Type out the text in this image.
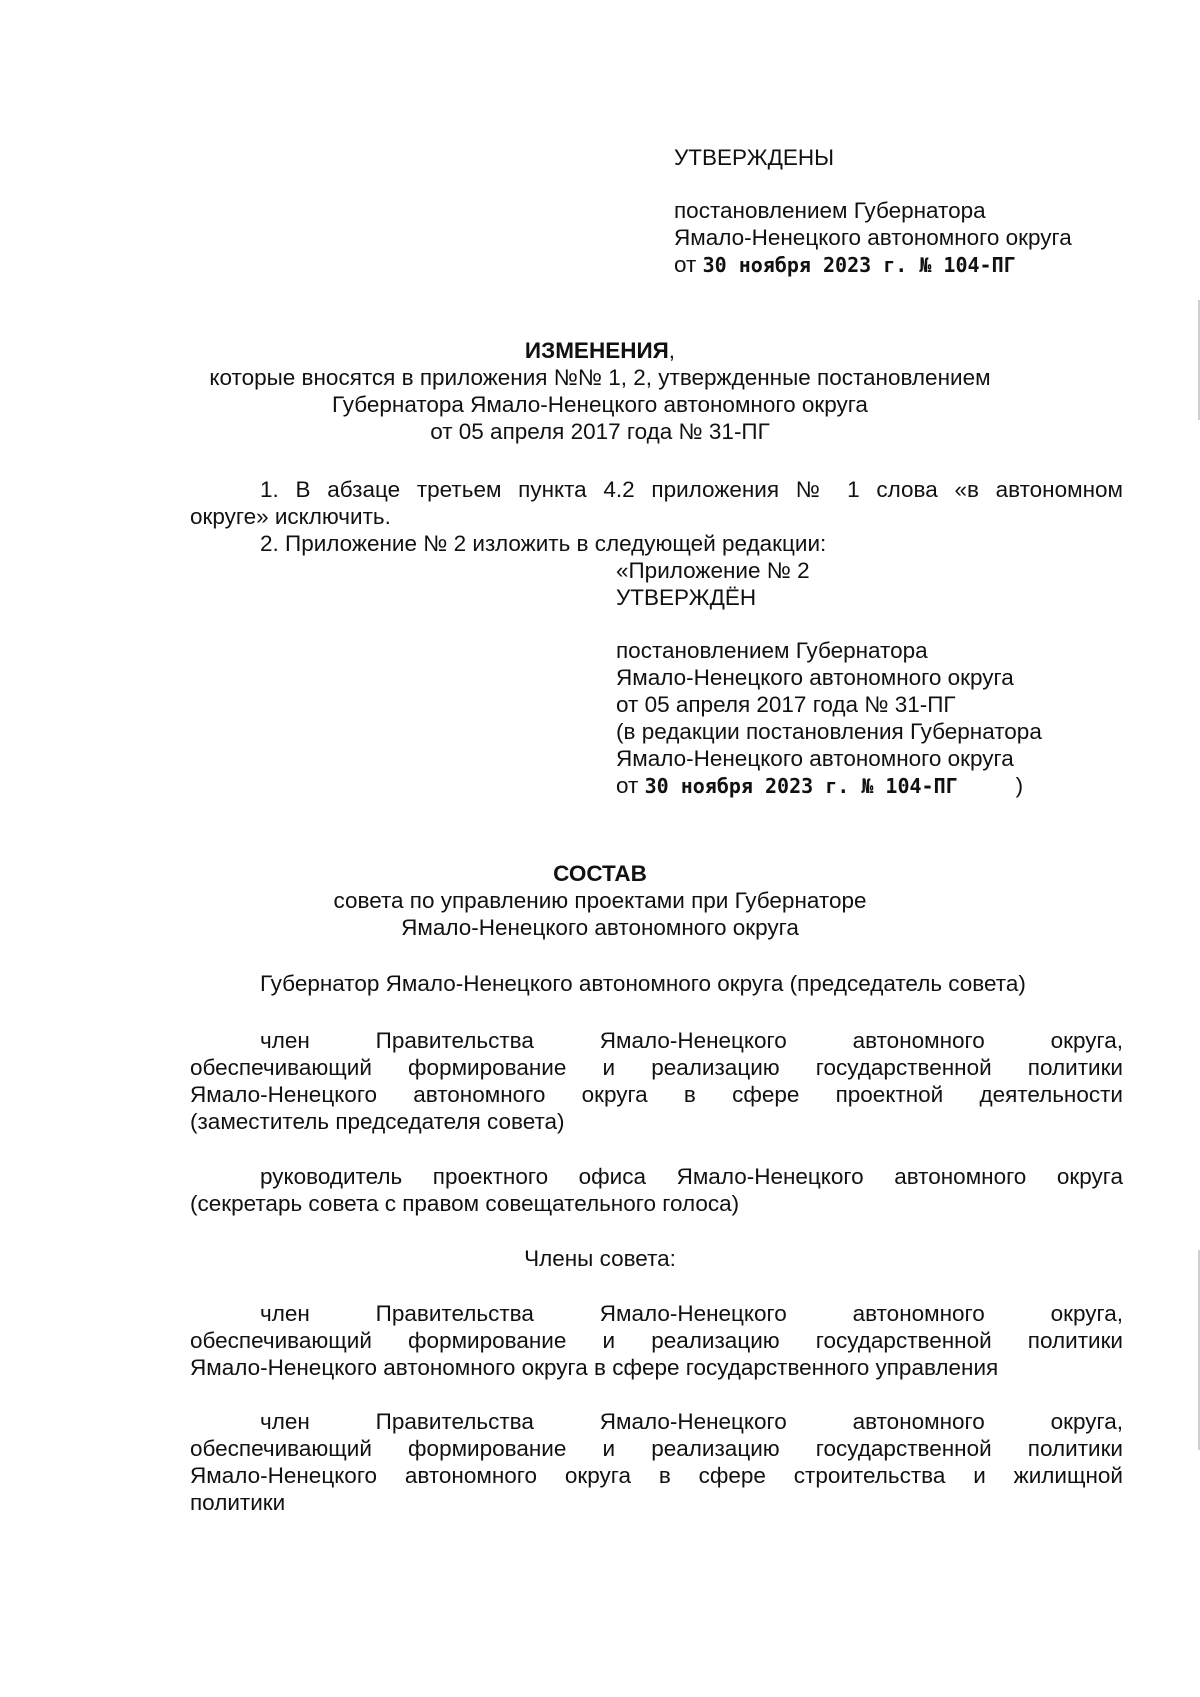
УТВЕРЖДЕНЫ
постановлением Губернатора
Ямало-Ненецкого автономного округа
от 30 ноября 2023 г. № 104-ПГ
ИЗМЕНЕНИЯ,
которые вносятся в приложения №№ 1, 2, утвержденные постановлением
Губернатора Ямало-Ненецкого автономного округа
от 05 апреля 2017 года № 31-ПГ
1. В абзаце третьем пункта 4.2 приложения № 1 слова «в автономном
округе» исключить.
2. Приложение № 2 изложить в следующей редакции:
«Приложение № 2
УТВЕРЖДЁН
постановлением Губернатора
Ямало-Ненецкого автономного округа
от 05 апреля 2017 года № 31-ПГ
(в редакции постановления Губернатора
Ямало-Ненецкого автономного округа
от 30 ноября 2023 г. № 104-ПГ	)
СОСТАВ
совета по управлению проектами при Губернаторе
Ямало-Ненецкого автономного округа
Губернатор Ямало-Ненецкого автономного округа (председатель совета)
член Правительства Ямало-Ненецкого автономного округа,
обеспечивающий формирование и реализацию государственной политики
Ямало-Ненецкого автономного округа в сфере проектной деятельности
(заместитель председателя совета)
руководитель проектного офиса Ямало-Ненецкого автономного округа
(секретарь совета с правом совещательного голоса)
Члены совета:
член Правительства Ямало-Ненецкого автономного округа,
обеспечивающий формирование и реализацию государственной политики
Ямало-Ненецкого автономного округа в сфере государственного управления
член Правительства Ямало-Ненецкого автономного округа,
обеспечивающий формирование и реализацию государственной политики
Ямало-Ненецкого автономного округа в сфере строительства и жилищной
политики
